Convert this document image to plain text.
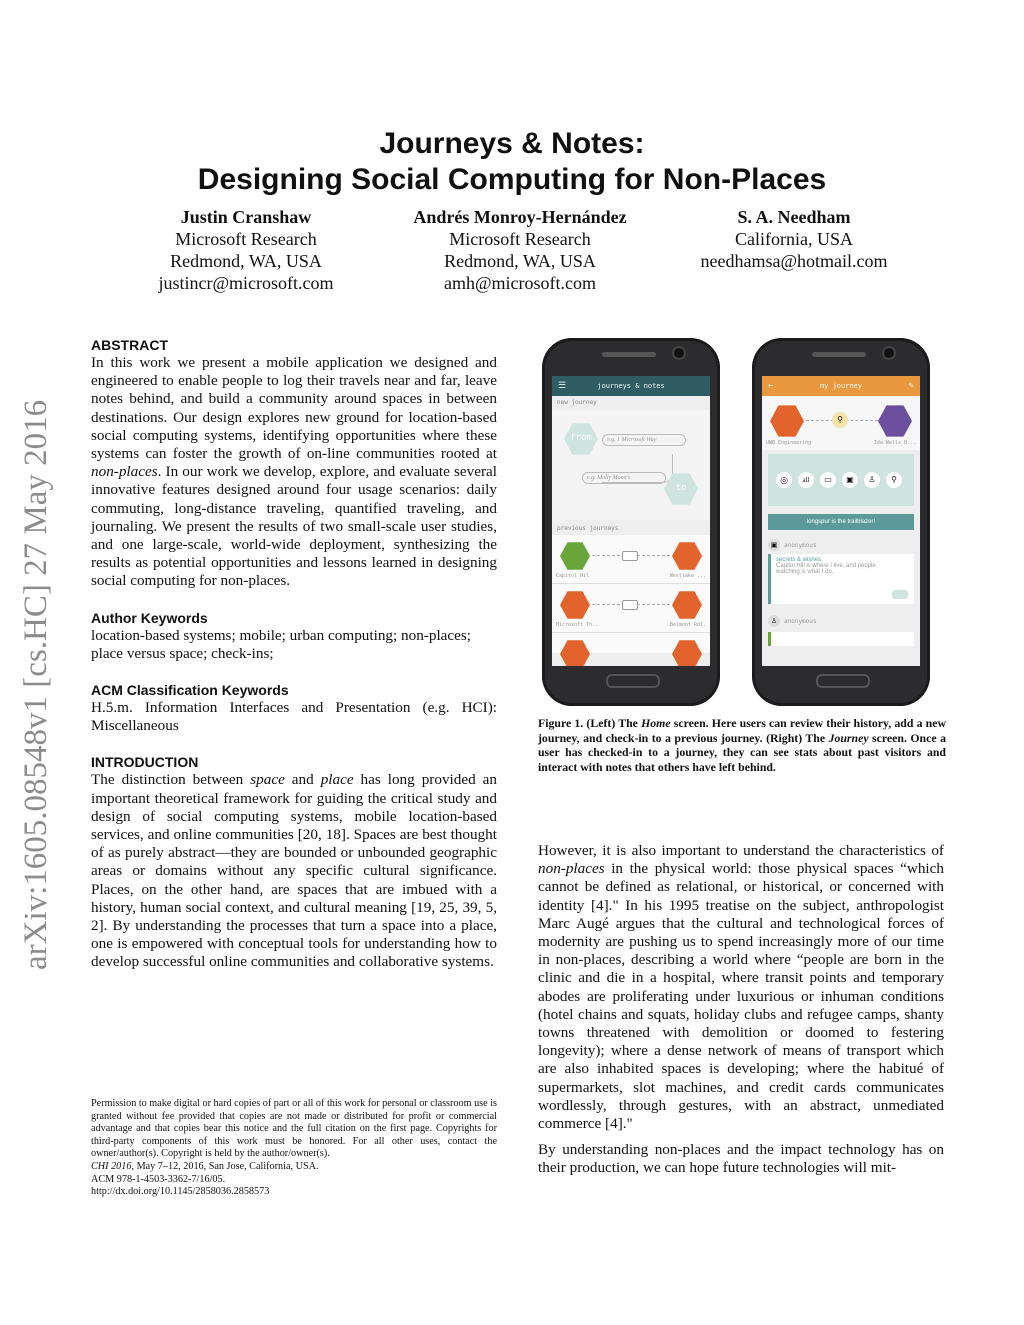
arXiv:1605.08548v1 [cs.HC] 27 May 2016
Journeys & Notes:
Designing Social Computing for Non-Places
Justin Cranshaw
Microsoft Research
Redmond, WA, USA
justincr@microsoft.com
Andrés Monroy-Hernández
Microsoft Research
Redmond, WA, USA
amh@microsoft.com
S. A. Needham
California, USA
needhamsa@hotmail.com
ABSTRACT

In this work we present a mobile application we designed and engineered to enable people to log their travels near and far, leave notes behind, and build a community around spaces in between destinations. Our design explores new ground for location-based social computing systems, identifying opportunities where these systems can foster the growth of on-line communities rooted at non-places. In our work we develop, explore, and evaluate several innovative features designed around four usage scenarios: daily commuting, long-distance traveling, quantified traveling, and journaling. We present the results of two small-scale user studies, and one large-scale, world-wide deployment, synthesizing the results as potential opportunities and lessons learned in designing social computing for non-places.

Author Keywords

location-based systems; mobile; urban computing; non-places; place versus space; check-ins;

ACM Classification Keywords

H.5.m. Information Interfaces and Presentation (e.g. HCI): Miscellaneous

INTRODUCTION

The distinction between space and place has long provided an important theoretical framework for guiding the critical study and design of social computing systems, mobile location-based services, and online communities [20, 18]. Spaces are best thought of as purely abstract—they are bounded or unbounded geographic areas or domains without any specific cultural significance. Places, on the other hand, are spaces that are imbued with a history, human social context, and cultural meaning [19, 25, 39, 5, 2]. By understanding the processes that turn a space into a place, one is empowered with conceptual tools for understanding how to develop successful online communities and collaborative systems.

Permission to make digital or hard copies of part or all of this work for personal or classroom use is granted without fee provided that copies are not made or distributed for profit or commercial advantage and that copies bear this notice and the full citation on the first page. Copyrights for third-party components of this work must be honored. For all other uses, contact the owner/author(s). Copyright is held by the author/owner(s).

CHI 2016, May 7–12, 2016, San Jose, California, USA.

ACM 978-1-4503-3362-7/16/05.

http://dx.doi.org/10.1145/2858036.2858573

☰	journeys & notes
new journey
from	e.g. 1 Microsoft Way
e.g. Molly Moon's
to
previous journeys
Capitol Hil	Westlake ...
Microsoft Th..	Belmont Rdl.
←	my journey	✎
⚲
UWB Engineering	Ida Wells B...
◎	all	▭	▣	♙	⚲
longspur is the trailblazer!
▣ anonymous
secrets & wishes
Capitol Hill is where I live, and people watching is what I do.
♙ anonymous
Figure 1. (Left) The Home screen. Here users can review their history, add a new journey, and check-in to a previous journey. (Right) The Journey screen. Once a user has checked-in to a journey, they can see stats about past visitors and interact with notes that others have left behind.

However, it is also important to understand the characteristics of non-places in the physical world: those physical spaces “which cannot be defined as relational, or historical, or concerned with identity [4]." In his 1995 treatise on the subject, anthropologist Marc Augé argues that the cultural and technological forces of modernity are pushing us to spend increasingly more of our time in non-places, describing a world where “people are born in the clinic and die in a hospital, where transit points and temporary abodes are proliferating under luxurious or inhuman conditions (hotel chains and squats, holiday clubs and refugee camps, shanty towns threatened with demolition or doomed to festering longevity); where a dense network of means of transport which are also inhabited spaces is developing; where the habitué of supermarkets, slot machines, and credit cards communicates wordlessly, through gestures, with an abstract, unmediated commerce [4]."

By understanding non-places and the impact technology has on their production, we can hope future technologies will mit-
